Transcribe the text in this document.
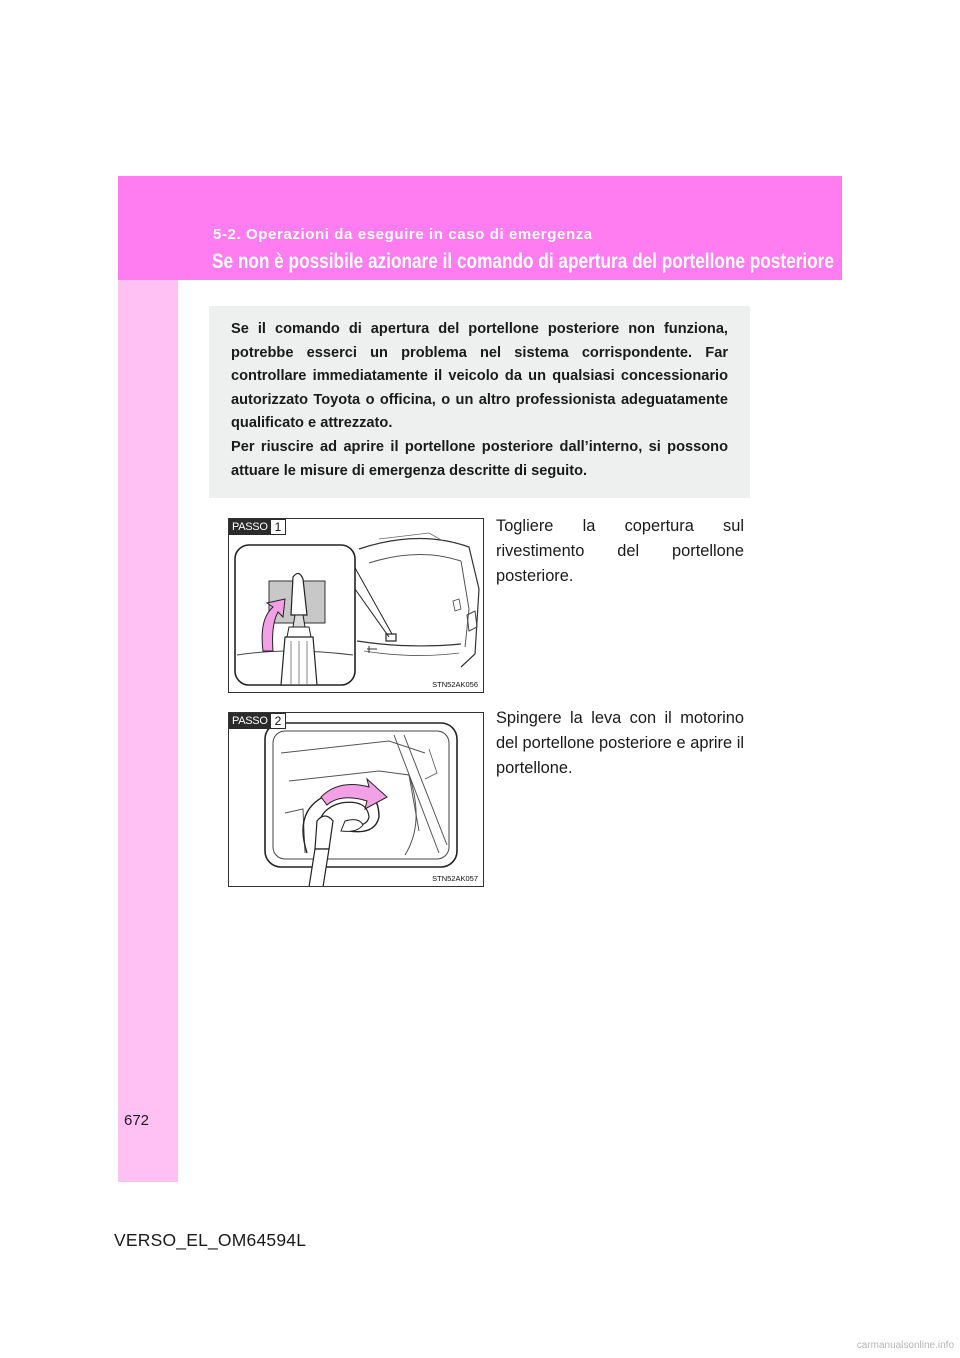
5-2. Operazioni da eseguire in caso di emergenza
Se non è possibile azionare il comando di apertura del portellone posteriore

Se il comando di apertura del portellone posteriore non funziona, potrebbe esserci un problema nel sistema corrispondente. Far controllare immediatamente il veicolo da un qualsiasi concessionario autorizzato Toyota o officina, o un altro professionista adeguatamente qualificato e attrezzato.

Per riuscire ad aprire il portellone posteriore dall’interno, si possono attuare le misure di emergenza descritte di seguito.

PASSO 1
STN52AK056
Togliere la copertura sul rivestimento del portellone posteriore.
PASSO 2
STN52AK057
Spingere la leva con il motorino del portellone posteriore e aprire il portellone.
672
VERSO_EL_OM64594L
carmanualsonline.info
